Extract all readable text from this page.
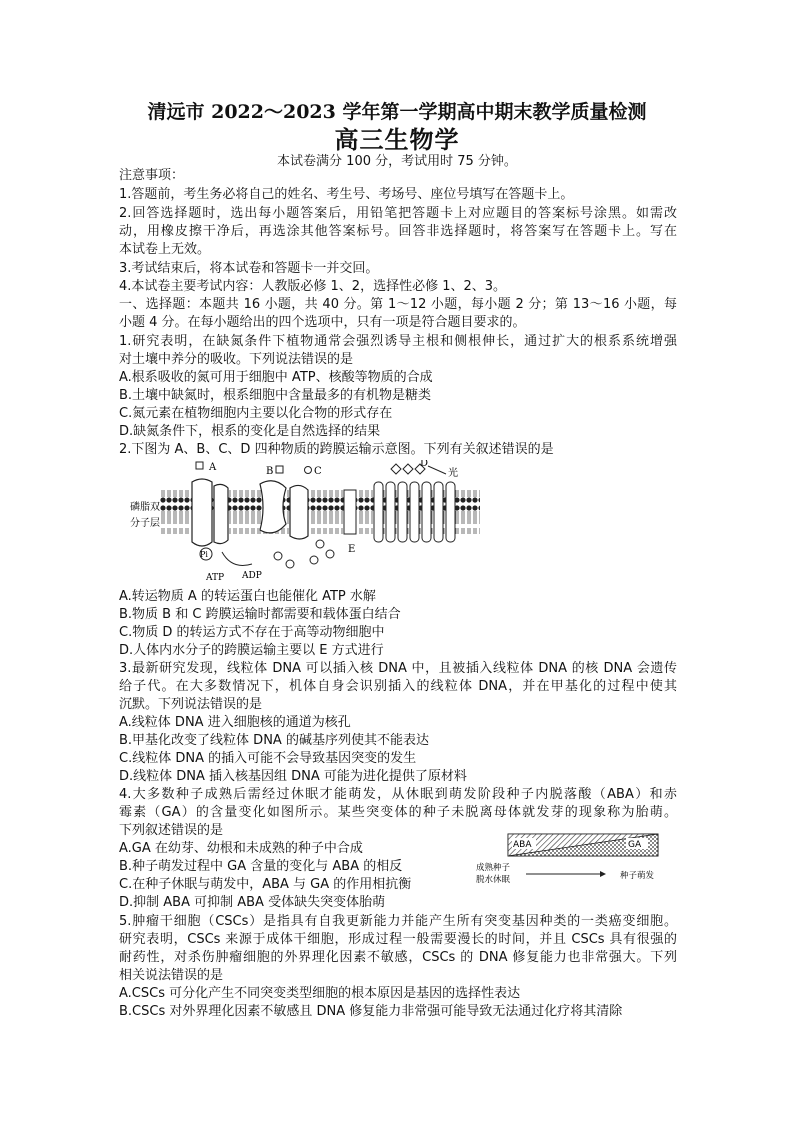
清远市 2022～2023 学年第一学期高中期末教学质量检测
高三生物学
本试卷满分 100 分，考试用时 75 分钟。
注意事项：
1.答题前，考生务必将自己的姓名、考生号、考场号、座位号填写在答题卡上。
2.回答选择题时，选出每小题答案后，用铅笔把答题卡上对应题目的答案标号涂黑。如需改
动，用橡皮擦干净后，再选涂其他答案标号。回答非选择题时，将答案写在答题卡上。写在
本试卷上无效。
3.考试结束后，将本试卷和答题卡一并交回。
4.本试卷主要考试内容：人教版必修 1、2，选择性必修 1、2、3。
一、选择题：本题共 16 小题，共 40 分。第 1～12 小题，每小题 2 分；第 13～16 小题，每
小题 4 分。在每小题给出的四个选项中，只有一项是符合题目要求的。
1.研究表明，在缺氮条件下植物通常会强烈诱导主根和侧根伸长，通过扩大的根系系统增强
对土壤中养分的吸收。下列说法错误的是
A.根系吸收的氮可用于细胞中 ATP、核酸等物质的合成
B.土壤中缺氮时，根系细胞中含量最多的有机物是糖类
C.氮元素在植物细胞内主要以化合物的形式存在
D.缺氮条件下，根系的变化是自然选择的结果
2.下图为 A、B、C、D 四种物质的跨膜运输示意图。下列有关叙述错误的是
Pi
ATP ADP
A	B	C
D
光
E
磷脂双
分子层
A.转运物质 A 的转运蛋白也能催化 ATP 水解
B.物质 B 和 C 跨膜运输时都需要和载体蛋白结合
C.物质 D 的转运方式不存在于高等动物细胞中
D.人体内水分子的跨膜运输主要以 E 方式进行
3.最新研究发现，线粒体 DNA 可以插入核 DNA 中，且被插入线粒体 DNA 的核 DNA 会遗传
给子代。在大多数情况下，机体自身会识别插入的线粒体 DNA，并在甲基化的过程中使其
沉默。下列说法错误的是
A.线粒体 DNA 进入细胞核的通道为核孔
B.甲基化改变了线粒体 DNA 的碱基序列使其不能表达
C.线粒体 DNA 的插入可能不会导致基因突变的发生
D.线粒体 DNA 插入核基因组 DNA 可能为进化提供了原材料
4.大多数种子成熟后需经过休眠才能萌发，从休眠到萌发阶段种子内脱落酸（ABA）和赤
霉素（GA）的含量变化如图所示。某些突变体的种子未脱离母体就发芽的现象称为胎萌。
下列叙述错误的是
A.GA 在幼芽、幼根和未成熟的种子中合成
B.种子萌发过程中 GA 含量的变化与 ABA 的相反
C.在种子休眠与萌发中，ABA 与 GA 的作用相抗衡
D.抑制 ABA 可抑制 ABA 受体缺失突变体胎萌
ABA	GA
成熟种子
脱水休眠	种子萌发
5.肿瘤干细胞（CSCs）是指具有自我更新能力并能产生所有突变基因种类的一类癌变细胞。
研究表明，CSCs 来源于成体干细胞，形成过程一般需要漫长的时间，并且 CSCs 具有很强的
耐药性，对杀伤肿瘤细胞的外界理化因素不敏感，CSCs 的 DNA 修复能力也非常强大。下列
相关说法错误的是
A.CSCs 可分化产生不同突变类型细胞的根本原因是基因的选择性表达
B.CSCs 对外界理化因素不敏感且 DNA 修复能力非常强可能导致无法通过化疗将其清除
